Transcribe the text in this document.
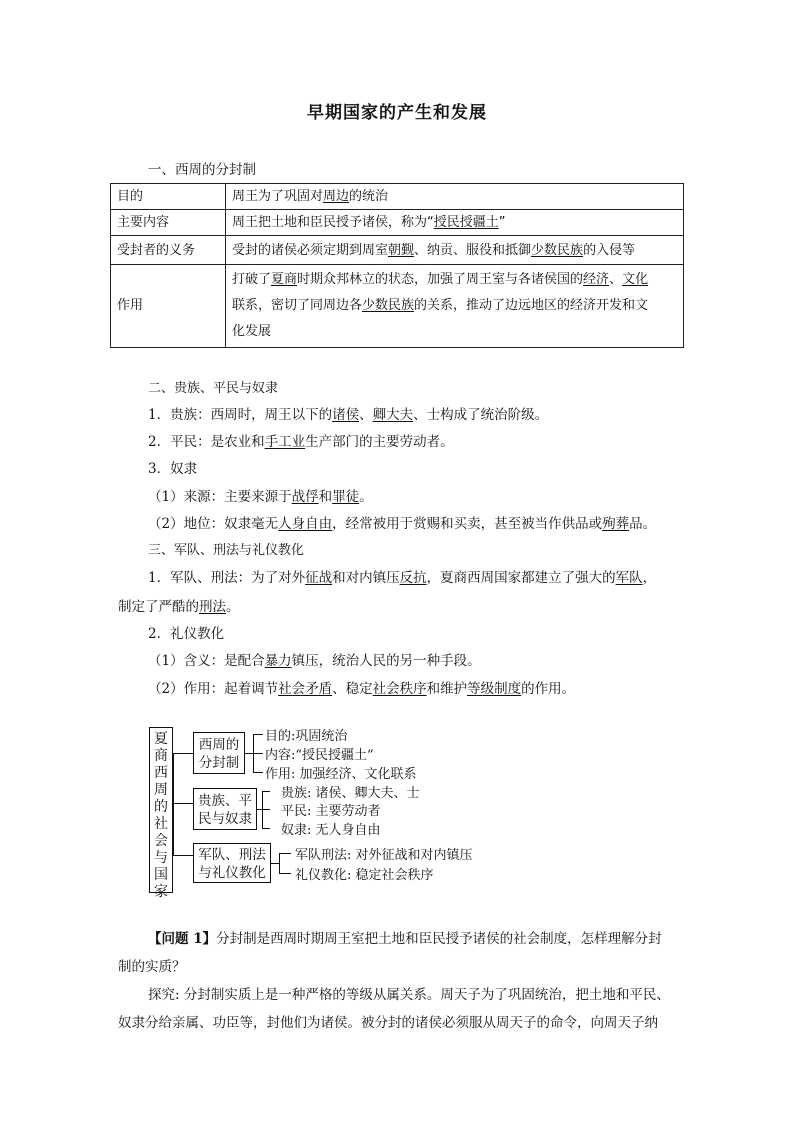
早期国家的产生和发展
一、西周的分封制
目的	周王为了巩固对周边的统治
主要内容	周王把土地和臣民授予诸侯，称为“授民授疆土”
受封者的义务	受封的诸侯必须定期到周室朝觐、纳贡、服役和抵御少数民族的入侵等
作用	打破了夏商时期众邦林立的状态，加强了周王室与各诸侯国的经济、文化
联系，密切了同周边各少数民族的关系，推动了边远地区的经济开发和文
化发展
二、贵族、平民与奴隶
1．贵族：西周时，周王以下的诸侯、卿大夫、士构成了统治阶级。
2．平民：是农业和手工业生产部门的主要劳动者。
3．奴隶
（1）来源：主要来源于战俘和罪徒。
（2）地位：奴隶毫无人身自由，经常被用于赏赐和买卖，甚至被当作供品或殉葬品。
三、军队、刑法与礼仪教化
1．军队、刑法：为了对外征战和对内镇压反抗，夏商西周国家都建立了强大的军队，
制定了严酷的刑法。
2．礼仪教化
（1）含义：是配合暴力镇压，统治人民的另一种手段。
（2）作用：起着调节社会矛盾、稳定社会秩序和维护等级制度的作用。
夏
商
西
周
的
社
会
与
国
家
西周的
分封制
目的:巩固统治
内容:“授民授疆土”
作用: 加强经济、文化联系
贵族、平
民与奴隶
贵族: 诸侯、卿大夫、士
平民: 主要劳动者
奴隶: 无人身自由
军队、刑法
与礼仪教化
军队刑法: 对外征战和对内镇压
礼仪教化: 稳定社会秩序
【问题 1】分封制是西周时期周王室把土地和臣民授予诸侯的社会制度，怎样理解分封
制的实质？
探究: 分封制实质上是一种严格的等级从属关系。周天子为了巩固统治，把土地和平民、
奴隶分给亲属、功臣等，封他们为诸侯。被分封的诸侯必须服从周天子的命令，向周天子纳
